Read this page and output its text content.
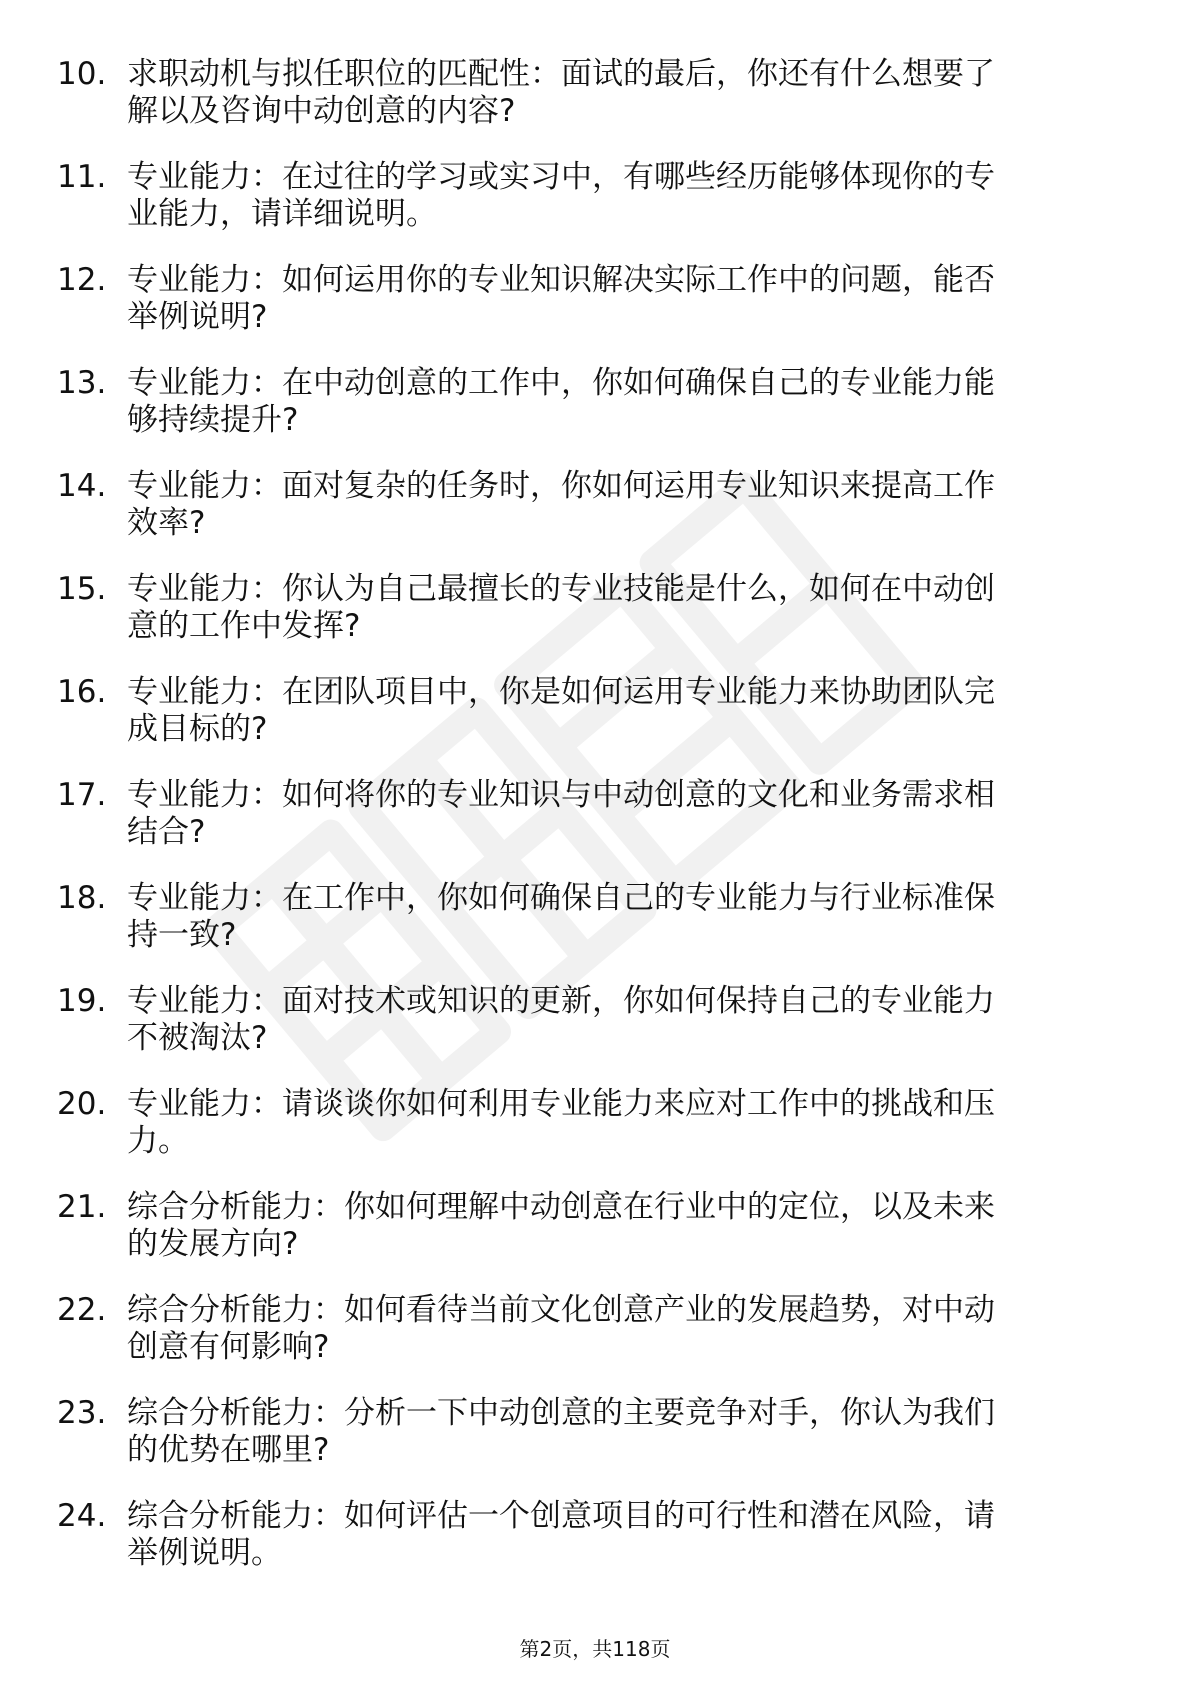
10. 求职动机与拟任职位的匹配性：面试的最后，你还有什么想要了
解以及咨询中动创意的内容?
11. 专业能力：在过往的学习或实习中，有哪些经历能够体现你的专
业能力，请详细说明。
12. 专业能力：如何运用你的专业知识解决实际工作中的问题，能否
举例说明?
13. 专业能力：在中动创意的工作中，你如何确保自己的专业能力能
够持续提升?
14. 专业能力：面对复杂的任务时，你如何运用专业知识来提高工作
效率?
15. 专业能力：你认为自己最擅长的专业技能是什么，如何在中动创
意的工作中发挥?
16. 专业能力：在团队项目中，你是如何运用专业能力来协助团队完
成目标的?
17. 专业能力：如何将你的专业知识与中动创意的文化和业务需求相
结合?
18. 专业能力：在工作中，你如何确保自己的专业能力与行业标准保
持一致?
19. 专业能力：面对技术或知识的更新，你如何保持自己的专业能力
不被淘汰?
20. 专业能力：请谈谈你如何利用专业能力来应对工作中的挑战和压
力。
21. 综合分析能力：你如何理解中动创意在行业中的定位，以及未来
的发展方向?
22. 综合分析能力：如何看待当前文化创意产业的发展趋势，对中动
创意有何影响?
23. 综合分析能力：分析一下中动创意的主要竞争对手，你认为我们
的优势在哪里?
24. 综合分析能力：如何评估一个创意项目的可行性和潜在风险，请
举例说明。
第2页，共118页
